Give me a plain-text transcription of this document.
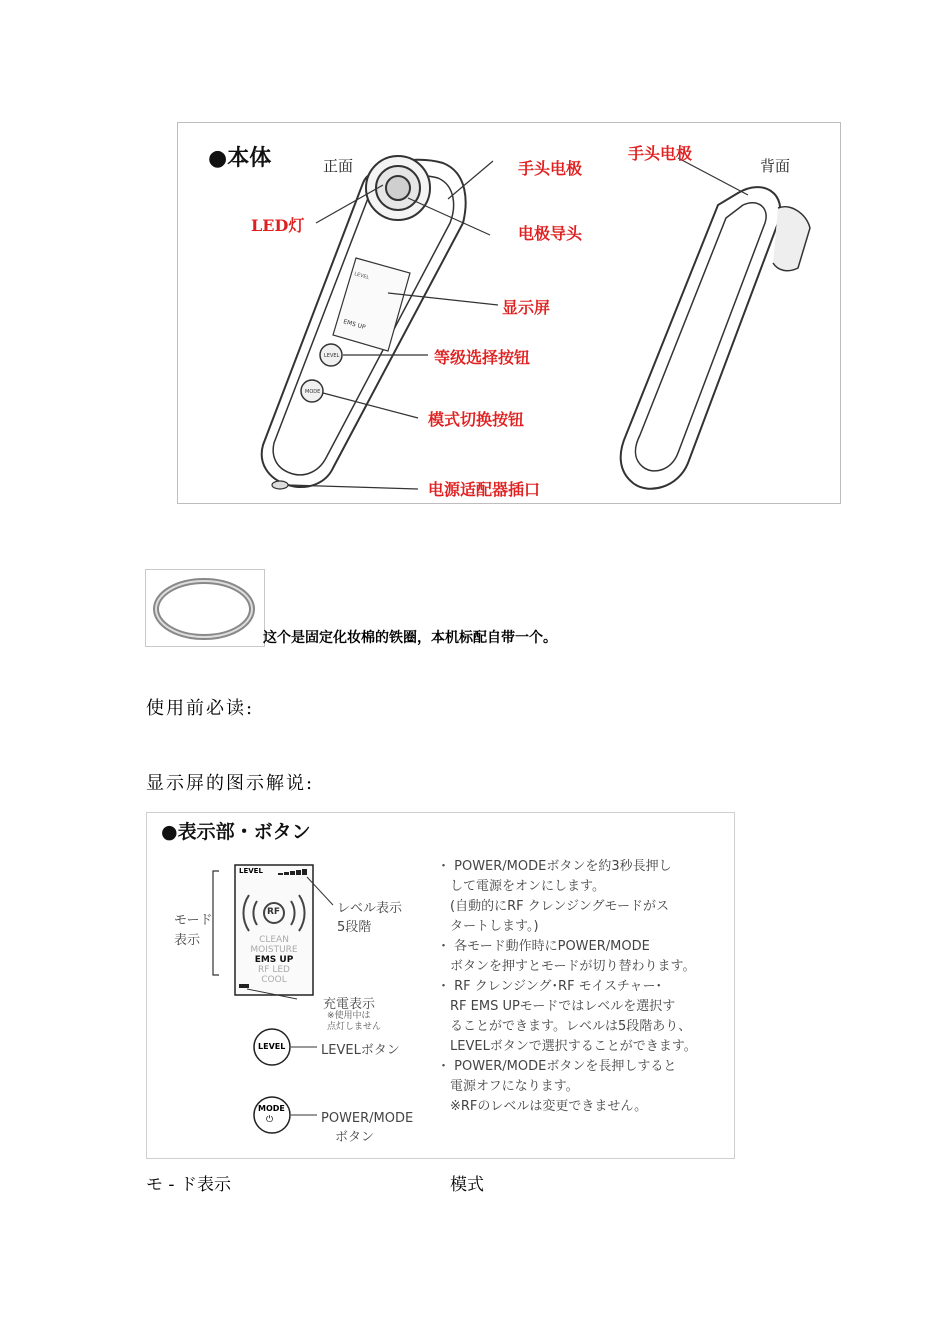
LEVEL
EMS UP
LEVEL
MODE
●本体	正面	背面
手头电极
LED灯	电极导头
显示屏
等级选择按钮
模式切换按钮
电源适配器插口
手头电极
这个是固定化妆棉的铁圈，本机标配自带一个。
使用前必读:
显示屏的图示解说:
●表示部・ボタン
LEVEL
RF
CLEAN
MOISTURE
EMS UP
RF LED
COOL
モード
表示
レベル表示
5段階
充電表示
※使用中は
点灯しません
LEVEL	LEVELボタン
MODE
⏻	POWER/MODE
ボタン
・ POWER/MODEボタンを約3秒長押し
　して電源をオンにします。
　(自動的にRF クレンジングモードがス
　タートします。)
・ 各モード動作時にPOWER/MODE
　ボタンを押すとモードが切り替わります。
・ RF クレンジング･RF モイスチャー･
　RF EMS UPモードではレベルを選択す
　ることができます。レベルは5段階あり、
　LEVELボタンで選択することができます。
・ POWER/MODEボタンを長押しすると
　電源オフになります。
　※RFのレベルは変更できません。
モ - ド表示	模式
